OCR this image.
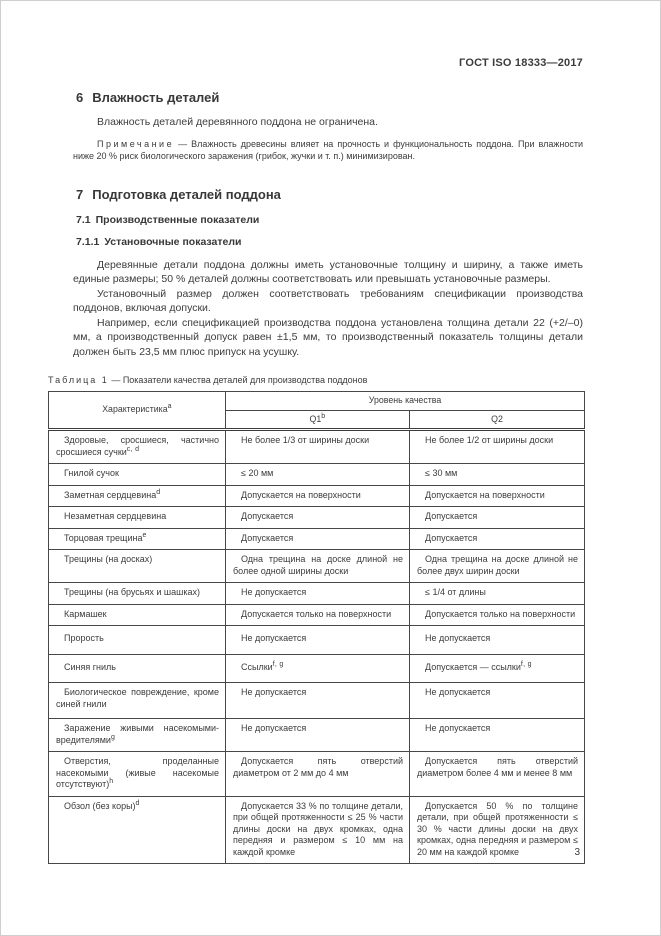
ГОСТ ISO 18333—2017
6 Влажность деталей

Влажность деталей деревянного поддона не ограничена.

Примечание — Влажность древесины влияет на прочность и функциональность поддона. При влажности ниже 20 % риск биологического заражения (грибок, жучки и т. п.) минимизирован.

7 Подготовка деталей поддона
7.1 Производственные показатели
7.1.1 Установочные показатели

Деревянные детали поддона должны иметь установочные толщину и ширину, а также иметь единые размеры; 50 % деталей должны соответствовать или превышать установочные размеры.

Установочный размер должен соответствовать требованиям спецификации производства поддонов, включая допуски.

Например, если спецификацией производства поддона установлена толщина детали 22 (+2/–0) мм, а производственный допуск равен ±1,5 мм, то производственный показатель толщины детали должен быть 23,5 мм плюс припуск на усушку.

Таблица 1 — Показатели качества деталей для производства поддонов
Характеристика$^a$	Уровень качества	
	Q1$^b$	Q2
Здоровые, сросшиеся, частично сросшиеся сучки$^{c, d}$	Не более 1/3 от ширины доски	Не более 1/2 от ширины доски
Гнилой сучок	≤ 20 мм	≤ 30 мм
Заметная сердцевина$^d$	Допускается на поверхности	Допускается на поверхности
Незаметная сердцевина	Допускается	Допускается
Торцовая трещина$^e$	Допускается	Допускается
Трещины (на досках)	Одна трещина на доске длиной не более одной ширины доски	Одна трещина на доске длиной не более двух ширин доски
Трещины (на брусьях и шашках)	Не допускается	≤ 1/4 от длины
Кармашек	Допускается только на поверхности	Допускается только на поверхности
Прорость	Не допускается	Не допускается
Синяя гниль	Ссылки$^{f, g}$	Допускается — ссылки$^{f, g}$
Биологическое повреждение, кроме синей гнили	Не допускается	Не допускается
Заражение живыми насекомыми-вредителями$^g$	Не допускается	Не допускается
Отверстия, проделанные насекомыми (живые насекомые отсутствуют)$^h$	Допускается пять отверстий диаметром от 2 мм до 4 мм	Допускается пять отверстий диаметром более 4 мм и менее 8 мм
Обзол (без коры)$^d$	Допускается 33 % по толщине детали, при общей протяженности ≤ 25 % части длины доски на двух кромках, одна передняя и размером ≤ 10 мм на каждой кромке	Допускается 50 % по толщине детали, при общей протяженности ≤ 30 % части длины доски на двух кромках, одна передняя и размером ≤ 20 мм на каждой кромке	3
